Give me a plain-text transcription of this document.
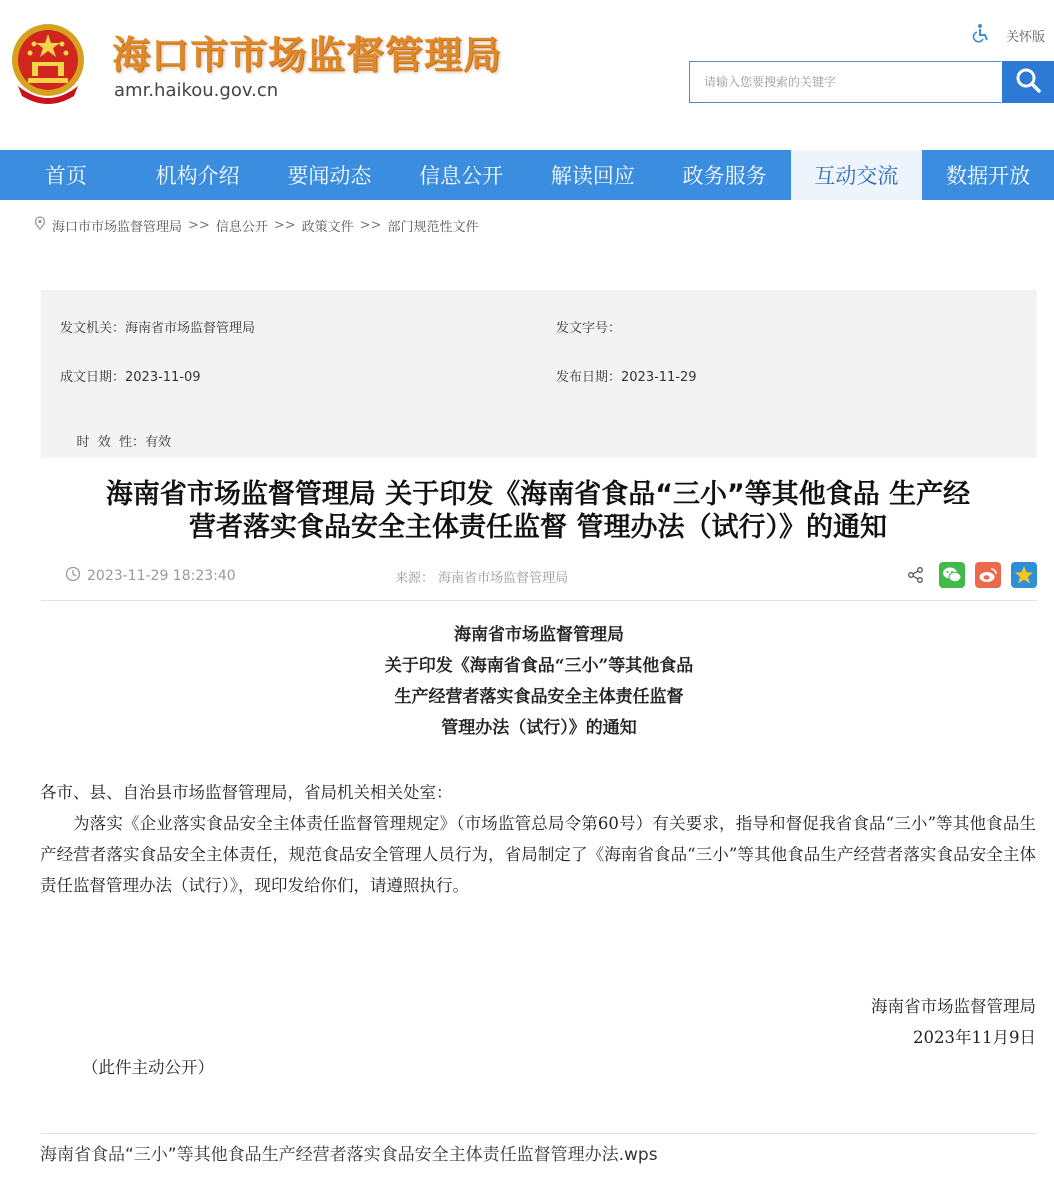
海口市市场监督管理局
amr.haikou.gov.cn
关怀版
请输入您要搜索的关键字
首页	机构介绍	要闻动态	信息公开	解读回应	政务服务	互动交流	数据开放
海口市市场监督管理局 >> 信息公开 >> 政策文件 >> 部门规范性文件
发文机关：海南省市场监督管理局	发文字号：
成文日期：2023-11-09	发布日期：2023-11-29

时  效  性：有效

海南省市场监督管理局 关于印发《海南省食品“三小”等其他食品 生产经
营者落实食品安全主体责任监督 管理办法（试行）》的通知
2023-11-29 18:23:40	来源： 海南省市场监督管理局
海南省市场监督管理局
关于印发《海南省食品“三小”等其他食品
生产经营者落实食品安全主体责任监督
管理办法（试行）》的通知
各市、县、自治县市场监督管理局，省局机关相关处室：
为落实《企业落实食品安全主体责任监督管理规定》（市场监管总局令第60号）有关要求，指导和督促我省食品“三小”等其他食品生产经营者落实食品安全主体责任，规范食品安全管理人员行为，省局制定了《海南省食品“三小”等其他食品生产经营者落实食品安全主体责任监督管理办法（试行）》，现印发给你们，请遵照执行。
海南省市场监督管理局
2023年11月9日
（此件主动公开）
海南省食品“三小”等其他食品生产经营者落实食品安全主体责任监督管理办法.wps
